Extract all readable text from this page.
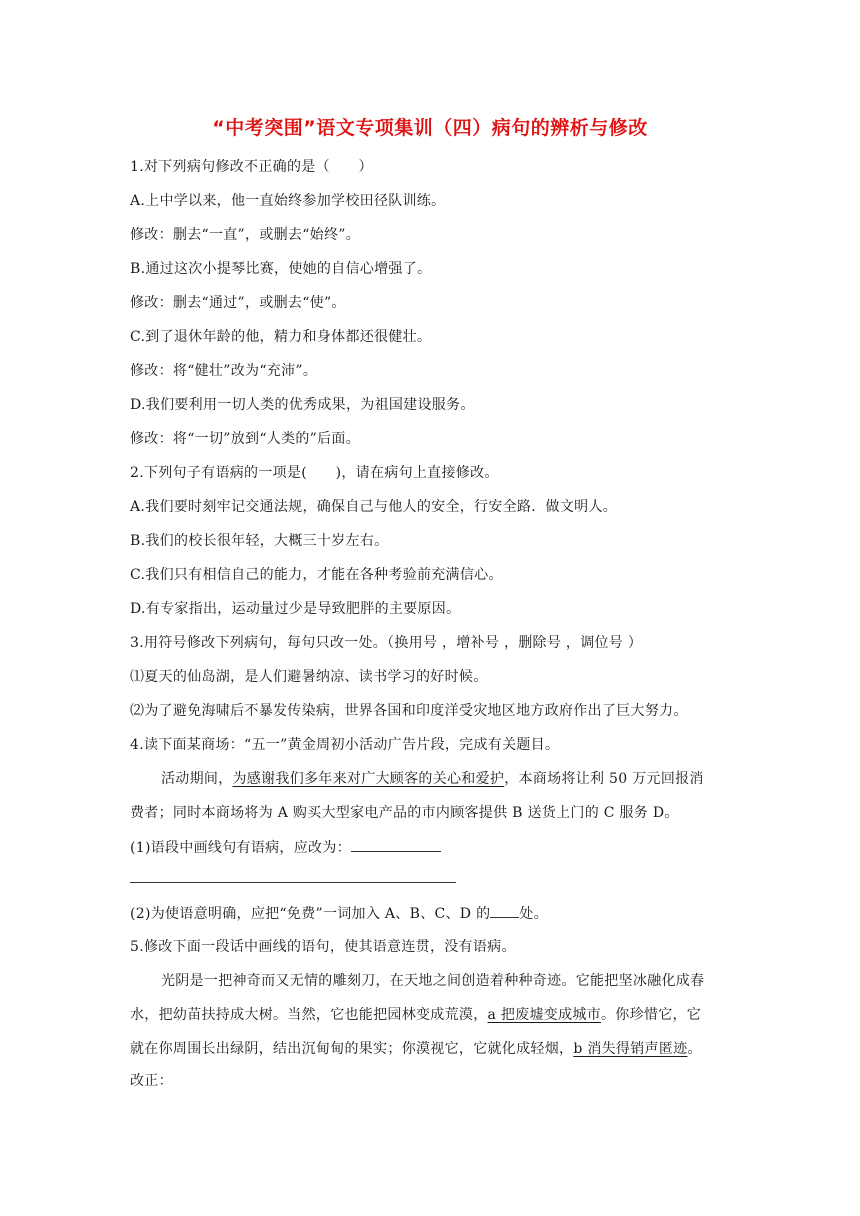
“中考突围”语文专项集训（四）病句的辨析与修改
1.对下列病句修改不正确的是（　　）
A.上中学以来，他一直始终参加学校田径队训练。
修改：删去“一直”，或删去“始终”。
B.通过这次小提琴比赛，使她的自信心增强了。
修改：删去“通过”，或删去“使”。
C.到了退休年龄的他，精力和身体都还很健壮。
修改：将“健壮”改为“充沛”。
D.我们要利用一切人类的优秀成果，为祖国建设服务。
修改：将“一切”放到“人类的”后面。
2.下列句子有语病的一项是(　　)，请在病句上直接修改。
A.我们要时刻牢记交通法规，确保自己与他人的安全，行安全路．做文明人。
B.我们的校长很年轻，大概三十岁左右。
C.我们只有相信自己的能力，才能在各种考验前充满信心。
D.有专家指出，运动量过少是导致肥胖的主要原因。
3.用符号修改下列病句，每句只改一处。（换用号 ，增补号 ，删除号 ，调位号 ）
⑴夏天的仙岛湖，是人们避暑纳凉、读书学习的好时候。
⑵为了避免海啸后不暴发传染病，世界各国和印度洋受灾地区地方政府作出了巨大努力。
4.读下面某商场：“五一”黄金周初小活动广告片段，完成有关题目。
活动期间，为感谢我们多年来对广大顾客的关心和爱护，本商场将让利 50 万元回报消
费者；同时本商场将为 A 购买大型家电产品的市内顾客提供 B 送货上门的 C 服务 D。
(1)语段中画线句有语病，应改为：
(2)为使语意明确，应把“免费”一词加入 A、B、C、D 的 处。
5.修改下面一段话中画线的语句，使其语意连贯，没有语病。
光阴是一把神奇而又无情的雕刻刀，在天地之间创造着种种奇迹。它能把坚冰融化成春
水，把幼苗扶持成大树。当然，它也能把园林变成荒漠，a 把废墟变成城市。你珍惜它，它
就在你周围长出绿阴，结出沉甸甸的果实；你漠视它，它就化成轻烟，b 消失得销声匿迹。
改正：
